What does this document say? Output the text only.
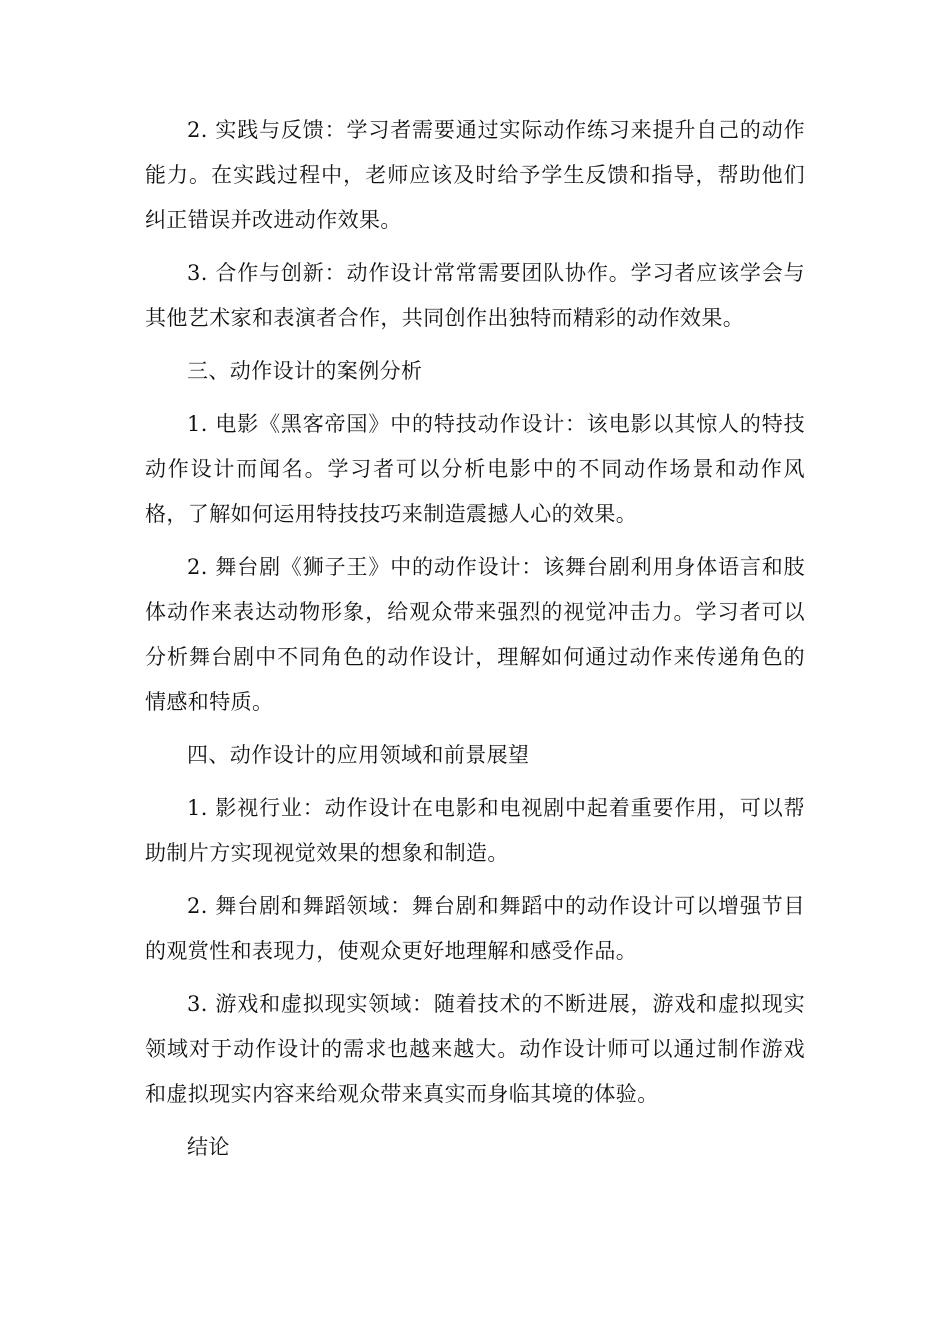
2. 实践与反馈：学习者需要通过实际动作练习来提升自己的动作能力。在实践过程中，老师应该及时给予学生反馈和指导，帮助他们纠正错误并改进动作效果。

3. 合作与创新：动作设计常常需要团队协作。学习者应该学会与其他艺术家和表演者合作，共同创作出独特而精彩的动作效果。

三、动作设计的案例分析

1. 电影《黑客帝国》中的特技动作设计：该电影以其惊人的特技动作设计而闻名。学习者可以分析电影中的不同动作场景和动作风格，了解如何运用特技技巧来制造震撼人心的效果。

2. 舞台剧《狮子王》中的动作设计：该舞台剧利用身体语言和肢体动作来表达动物形象，给观众带来强烈的视觉冲击力。学习者可以分析舞台剧中不同角色的动作设计，理解如何通过动作来传递角色的情感和特质。

四、动作设计的应用领域和前景展望

1. 影视行业：动作设计在电影和电视剧中起着重要作用，可以帮助制片方实现视觉效果的想象和制造。

2. 舞台剧和舞蹈领域：舞台剧和舞蹈中的动作设计可以增强节目的观赏性和表现力，使观众更好地理解和感受作品。

3. 游戏和虚拟现实领域：随着技术的不断进展，游戏和虚拟现实领域对于动作设计的需求也越来越大。动作设计师可以通过制作游戏和虚拟现实内容来给观众带来真实而身临其境的体验。

结论
